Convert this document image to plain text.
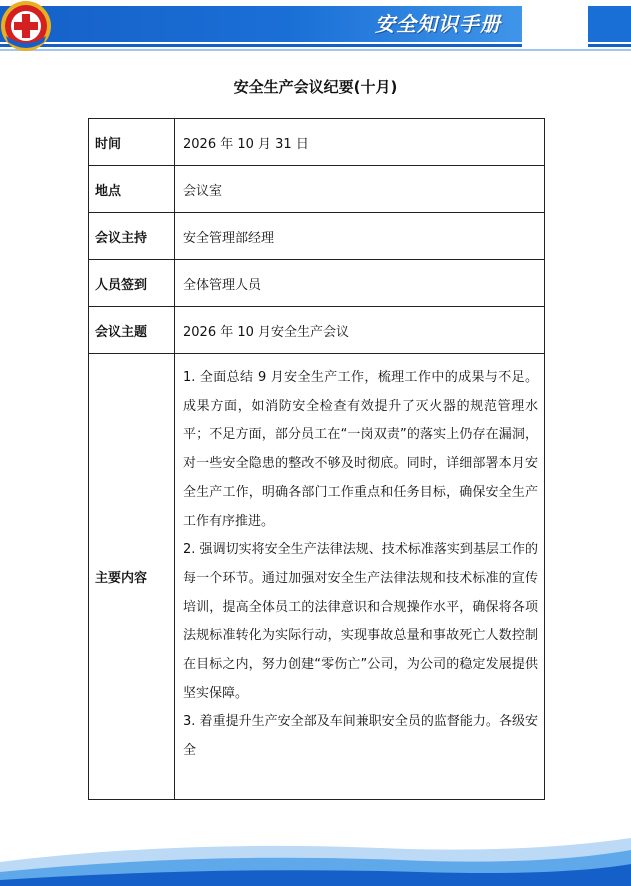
安全知识手册
安全生产会议纪要(十月)
时间	2026 年 10 月 31 日
地点	会议室
会议主持	安全管理部经理
人员签到	全体管理人员
会议主题	2026 年 10 月安全生产会议
主要内容	1. 全面总结 9 月安全生产工作，梳理工作中的成果与不足。成果方面，如消防安全检查有效提升了灭火器的规范管理水平；不足方面，部分员工在“一岗双责”的落实上仍存在漏洞，对一些安全隐患的整改不够及时彻底。同时，详细部署本月安全生产工作，明确各部门工作重点和任务目标，确保安全生产工作有序推进。

2. 强调切实将安全生产法律法规、技术标准落实到基层工作的每一个环节。通过加强对安全生产法律法规和技术标准的宣传培训，提高全体员工的法律意识和合规操作水平，确保将各项法规标准转化为实际行动，实现事故总量和事故死亡人数控制在目标之内，努力创建“零伤亡”公司，为公司的稳定发展提供坚实保障。

3. 着重提升生产安全部及车间兼职安全员的监督能力。各级安全
